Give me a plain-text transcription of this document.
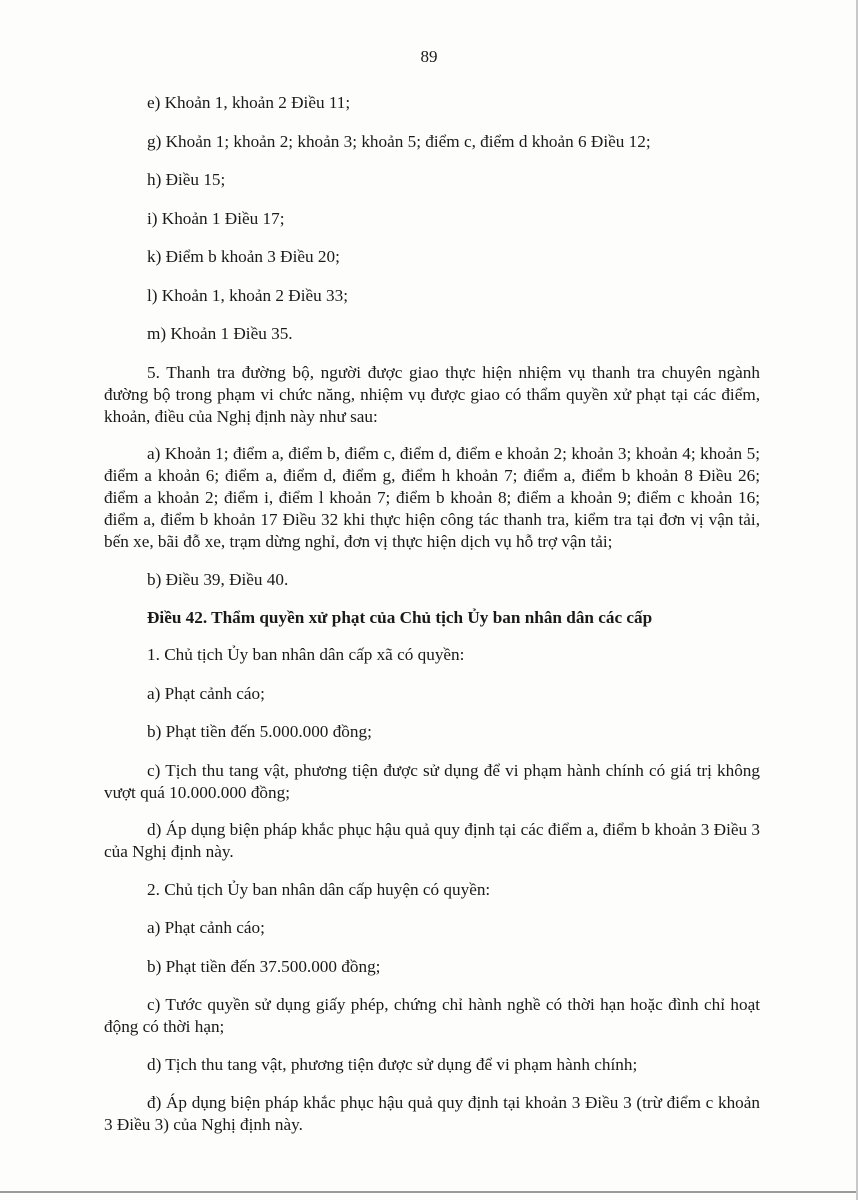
89

e) Khoản 1, khoản 2 Điều 11;

g) Khoản 1; khoản 2; khoản 3; khoản 5; điểm c, điểm d khoản 6 Điều 12;

h) Điều 15;

i) Khoản 1 Điều 17;

k) Điểm b khoản 3 Điều 20;

l) Khoản 1, khoản 2 Điều 33;

m) Khoản 1 Điều 35.

5. Thanh tra đường bộ, người được giao thực hiện nhiệm vụ thanh tra chuyên ngành đường bộ trong phạm vi chức năng, nhiệm vụ được giao có thẩm quyền xử phạt tại các điểm, khoản, điều của Nghị định này như sau:

a) Khoản 1; điểm a, điểm b, điểm c, điểm d, điểm e khoản 2; khoản 3; khoản 4; khoản 5; điểm a khoản 6; điểm a, điểm d, điểm g, điểm h khoản 7; điểm a, điểm b khoản 8 Điều 26; điểm a khoản 2; điểm i, điểm l khoản 7; điểm b khoản 8; điểm a khoản 9; điểm c khoản 16; điểm a, điểm b khoản 17 Điều 32 khi thực hiện công tác thanh tra, kiểm tra tại đơn vị vận tải, bến xe, bãi đỗ xe, trạm dừng nghỉ, đơn vị thực hiện dịch vụ hỗ trợ vận tải;

b) Điều 39, Điều 40.

Điều 42. Thẩm quyền xử phạt của Chủ tịch Ủy ban nhân dân các cấp

1. Chủ tịch Ủy ban nhân dân cấp xã có quyền:

a) Phạt cảnh cáo;

b) Phạt tiền đến 5.000.000 đồng;

c) Tịch thu tang vật, phương tiện được sử dụng để vi phạm hành chính có giá trị không vượt quá 10.000.000 đồng;

d) Áp dụng biện pháp khắc phục hậu quả quy định tại các điểm a, điểm b khoản 3 Điều 3 của Nghị định này.

2. Chủ tịch Ủy ban nhân dân cấp huyện có quyền:

a) Phạt cảnh cáo;

b) Phạt tiền đến 37.500.000 đồng;

c) Tước quyền sử dụng giấy phép, chứng chỉ hành nghề có thời hạn hoặc đình chỉ hoạt động có thời hạn;

d) Tịch thu tang vật, phương tiện được sử dụng để vi phạm hành chính;

đ) Áp dụng biện pháp khắc phục hậu quả quy định tại khoản 3 Điều 3 (trừ điểm c khoản 3 Điều 3) của Nghị định này.
